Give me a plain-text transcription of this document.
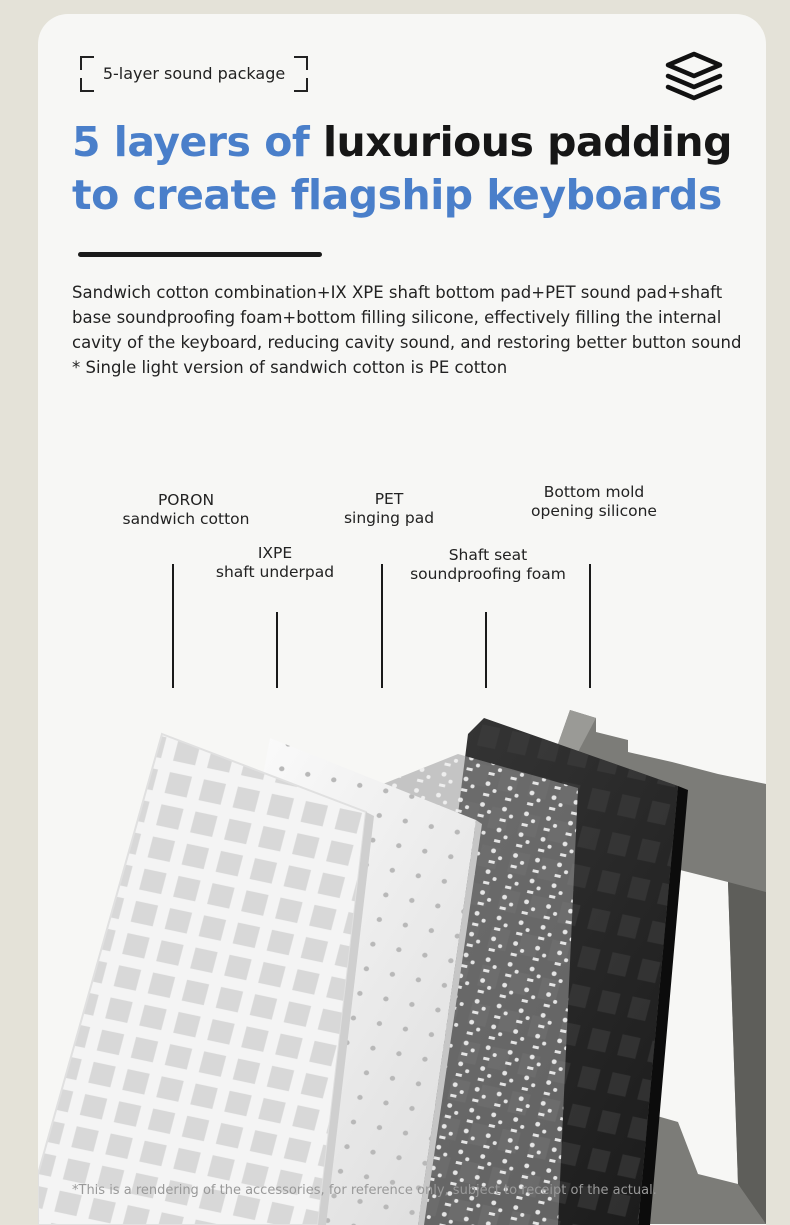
5-layer sound package
5 layers of luxurious padding
to create flagship keyboards

Sandwich cotton combination+IX XPE shaft bottom pad+PET sound pad+shaft base soundproofing foam+bottom filling silicone, effectively filling the internal cavity of the keyboard, reducing cavity sound, and restoring better button sound

* Single light version of sandwich cotton is PE cotton

PORON
sandwich cotton
IXPE
shaft underpad
PET
singing pad
Shaft seat
soundproofing foam
Bottom mold
opening silicone
*This is a rendering of the accessories, for reference only, subject to receipt of the actual.
